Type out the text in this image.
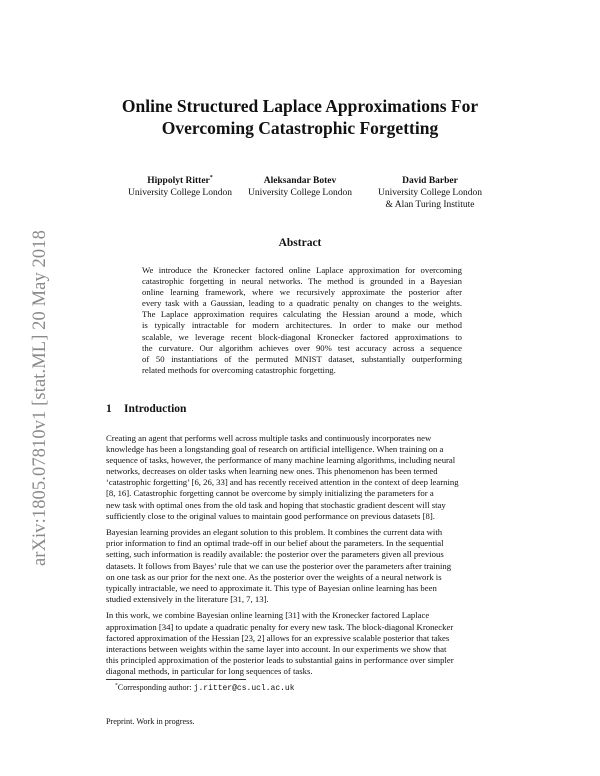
arXiv:1805.07810v1 [stat.ML] 20 May 2018
Online Structured Laplace Approximations For
Overcoming Catastrophic Forgetting
Hippolyt Ritter*
University College London
Aleksandar Botev
University College London
David Barber
University College London
& Alan Turing Institute
Abstract
We introduce the Kronecker factored online Laplace approximation for overcoming
catastrophic forgetting in neural networks. The method is grounded in a Bayesian
online learning framework, where we recursively approximate the posterior after
every task with a Gaussian, leading to a quadratic penalty on changes to the weights.
The Laplace approximation requires calculating the Hessian around a mode, which
is typically intractable for modern architectures. In order to make our method
scalable, we leverage recent block-diagonal Kronecker factored approximations to
the curvature. Our algorithm achieves over 90% test accuracy across a sequence
of 50 instantiations of the permuted MNIST dataset, substantially outperforming
related methods for overcoming catastrophic forgetting.
1 Introduction

Creating an agent that performs well across multiple tasks and continuously incorporates new
knowledge has been a longstanding goal of research on artificial intelligence. When training on a
sequence of tasks, however, the performance of many machine learning algorithms, including neural
networks, decreases on older tasks when learning new ones. This phenomenon has been termed
‘catastrophic forgetting’ [6, 26, 33] and has recently received attention in the context of deep learning
[8, 16]. Catastrophic forgetting cannot be overcome by simply initializing the parameters for a
new task with optimal ones from the old task and hoping that stochastic gradient descent will stay
sufficiently close to the original values to maintain good performance on previous datasets [8].

Bayesian learning provides an elegant solution to this problem. It combines the current data with
prior information to find an optimal trade-off in our belief about the parameters. In the sequential
setting, such information is readily available: the posterior over the parameters given all previous
datasets. It follows from Bayes’ rule that we can use the posterior over the parameters after training
on one task as our prior for the next one. As the posterior over the weights of a neural network is
typically intractable, we need to approximate it. This type of Bayesian online learning has been
studied extensively in the literature [31, 7, 13].

In this work, we combine Bayesian online learning [31] with the Kronecker factored Laplace
approximation [34] to update a quadratic penalty for every new task. The block-diagonal Kronecker
factored approximation of the Hessian [23, 2] allows for an expressive scalable posterior that takes
interactions between weights within the same layer into account. In our experiments we show that
this principled approximation of the posterior leads to substantial gains in performance over simpler
diagonal methods, in particular for long sequences of tasks.

*Corresponding author: j.ritter@cs.ucl.ac.uk
Preprint. Work in progress.
